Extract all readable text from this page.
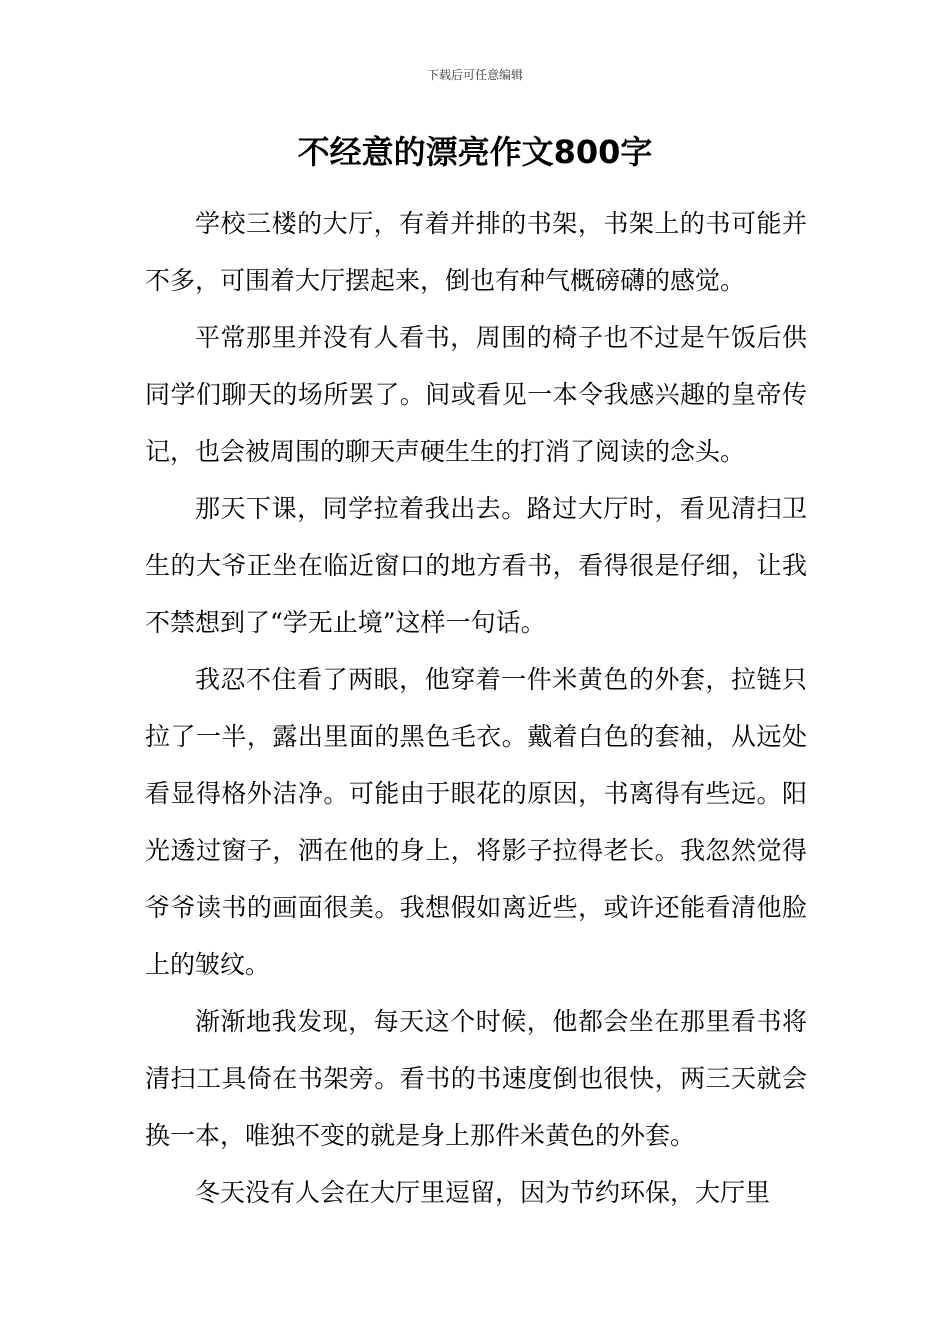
下载后可任意编辑
不经意的漂亮作文800字

学校三楼的大厅，有着并排的书架，书架上的书可能并不多，可围着大厅摆起来，倒也有种气概磅礴的感觉。

平常那里并没有人看书，周围的椅子也不过是午饭后供同学们聊天的场所罢了。间或看见一本令我感兴趣的皇帝传记，也会被周围的聊天声硬生生的打消了阅读的念头。

那天下课，同学拉着我出去。路过大厅时，看见清扫卫生的大爷正坐在临近窗口的地方看书，看得很是仔细，让我不禁想到了“学无止境”这样一句话。

我忍不住看了两眼，他穿着一件米黄色的外套，拉链只拉了一半，露出里面的黑色毛衣。戴着白色的套袖，从远处看显得格外洁净。可能由于眼花的原因，书离得有些远。阳光透过窗子，洒在他的身上，将影子拉得老长。我忽然觉得爷爷读书的画面很美。我想假如离近些，或许还能看清他脸上的皱纹。

渐渐地我发现，每天这个时候，他都会坐在那里看书将清扫工具倚在书架旁。看书的书速度倒也很快，两三天就会换一本，唯独不变的就是身上那件米黄色的外套。

冬天没有人会在大厅里逗留，因为节约环保，大厅里
